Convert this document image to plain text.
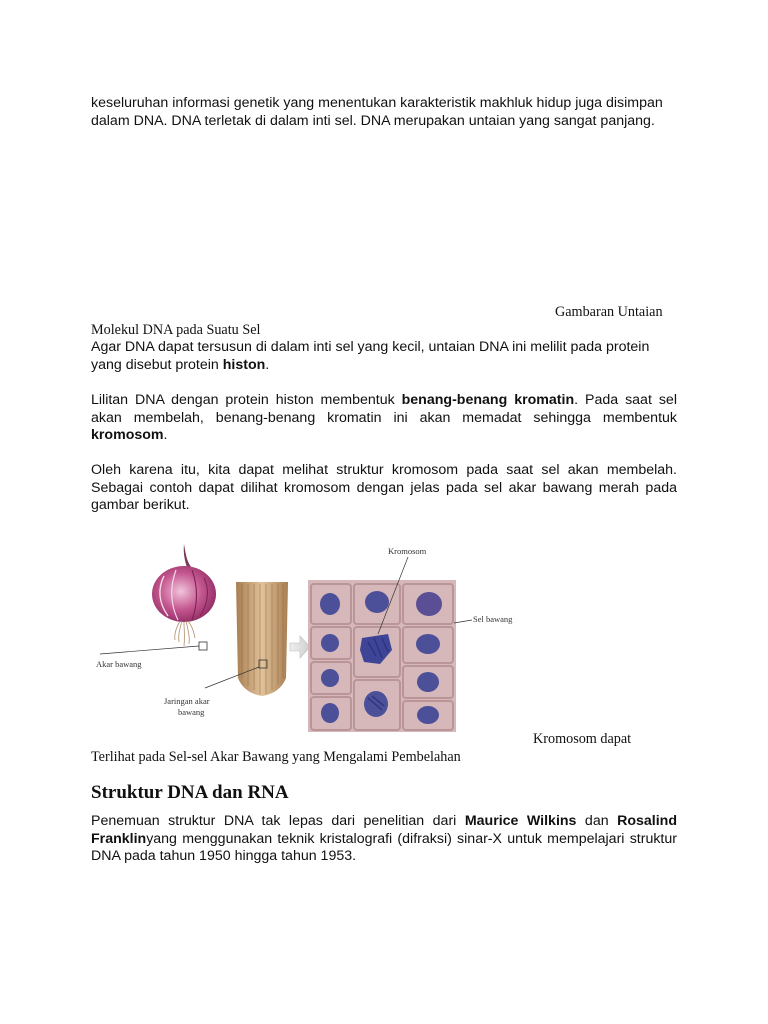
keseluruhan informasi genetik yang menentukan karakteristik makhluk hidup juga disimpan
dalam DNA. DNA terletak di dalam inti sel. DNA merupakan untaian yang sangat panjang.
Gambaran Untaian
Molekul DNA pada Suatu Sel
Agar DNA dapat tersusun di dalam inti sel yang kecil, untaian DNA ini melilit pada protein
yang disebut protein histon.
Lilitan DNA dengan protein histon membentuk benang-benang kromatin. Pada saat sel akan membelah, benang-benang kromatin ini akan memadat sehingga membentuk kromosom.
Oleh karena itu, kita dapat melihat struktur kromosom pada saat sel akan membelah.
Sebagai contoh dapat dilihat kromosom dengan jelas pada sel akar bawang merah pada
gambar berikut.
Kromosom
Sel bawang
Akar bawang
Jaringan akar
bawang
Kromosom dapat
Terlihat pada Sel-sel Akar Bawang yang Mengalami Pembelahan
Struktur DNA dan RNA
Penemuan struktur DNA tak lepas dari penelitian dari Maurice Wilkins dan Rosalind Franklinyang menggunakan teknik kristalografi (difraksi) sinar-X untuk mempelajari struktur DNA pada tahun 1950 hingga tahun 1953.
